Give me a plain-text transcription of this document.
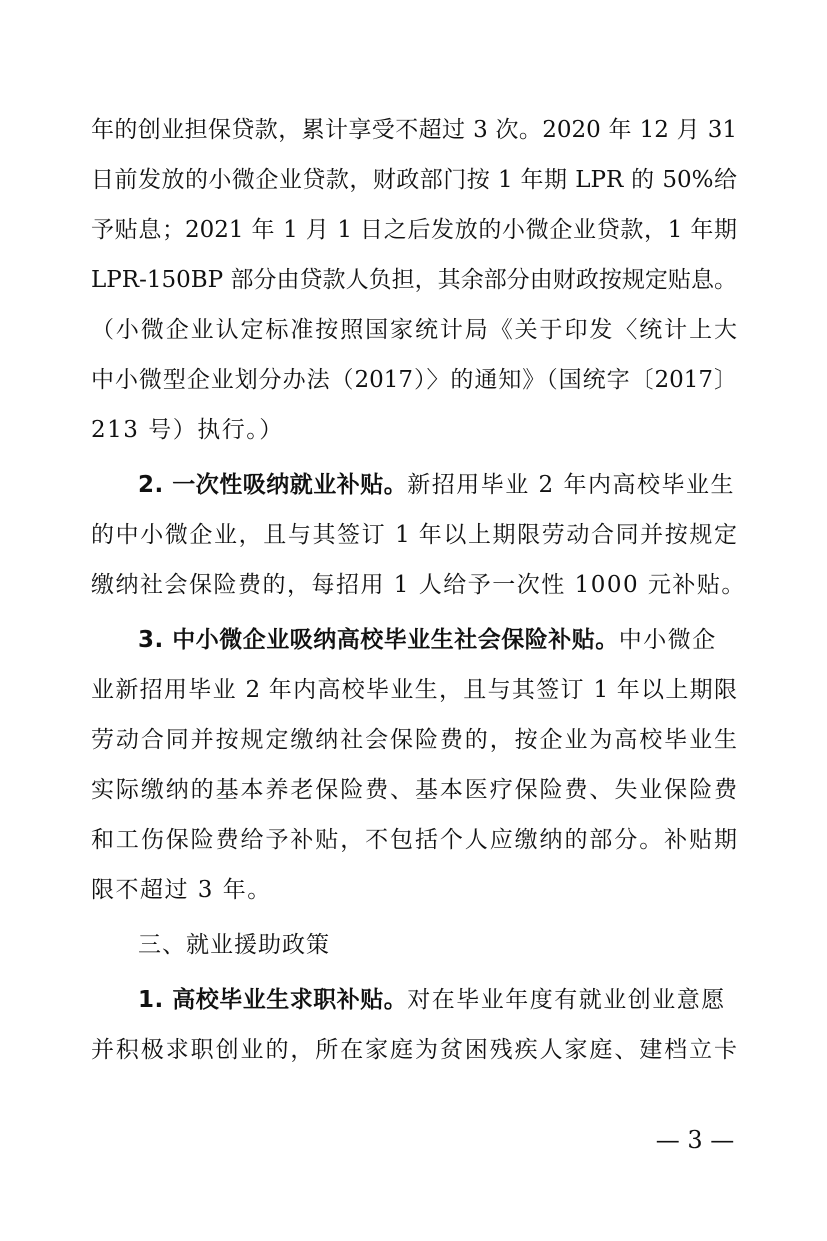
年的创业担保贷款，累计享受不超过 3 次。2020 年 12 月 31
日前发放的小微企业贷款，财政部门按 1 年期 LPR 的 50%给
予贴息；2021 年 1 月 1 日之后发放的小微企业贷款，1 年期
LPR-150BP 部分由贷款人负担，其余部分由财政按规定贴息。
（小微企业认定标准按照国家统计局《关于印发〈统计上大
中小微型企业划分办法（2017）〉的通知》（国统字〔2017〕
213 号）执行。）
2. 一次性吸纳就业补贴。新招用毕业 2 年内高校毕业生
的中小微企业，且与其签订 1 年以上期限劳动合同并按规定
缴纳社会保险费的，每招用 1 人给予一次性 1000 元补贴。
3. 中小微企业吸纳高校毕业生社会保险补贴。中小微企
业新招用毕业 2 年内高校毕业生，且与其签订 1 年以上期限
劳动合同并按规定缴纳社会保险费的，按企业为高校毕业生
实际缴纳的基本养老保险费、基本医疗保险费、失业保险费
和工伤保险费给予补贴，不包括个人应缴纳的部分。补贴期
限不超过 3 年。
三、就业援助政策
1. 高校毕业生求职补贴。对在毕业年度有就业创业意愿
并积极求职创业的，所在家庭为贫困残疾人家庭、建档立卡
— 3 —
